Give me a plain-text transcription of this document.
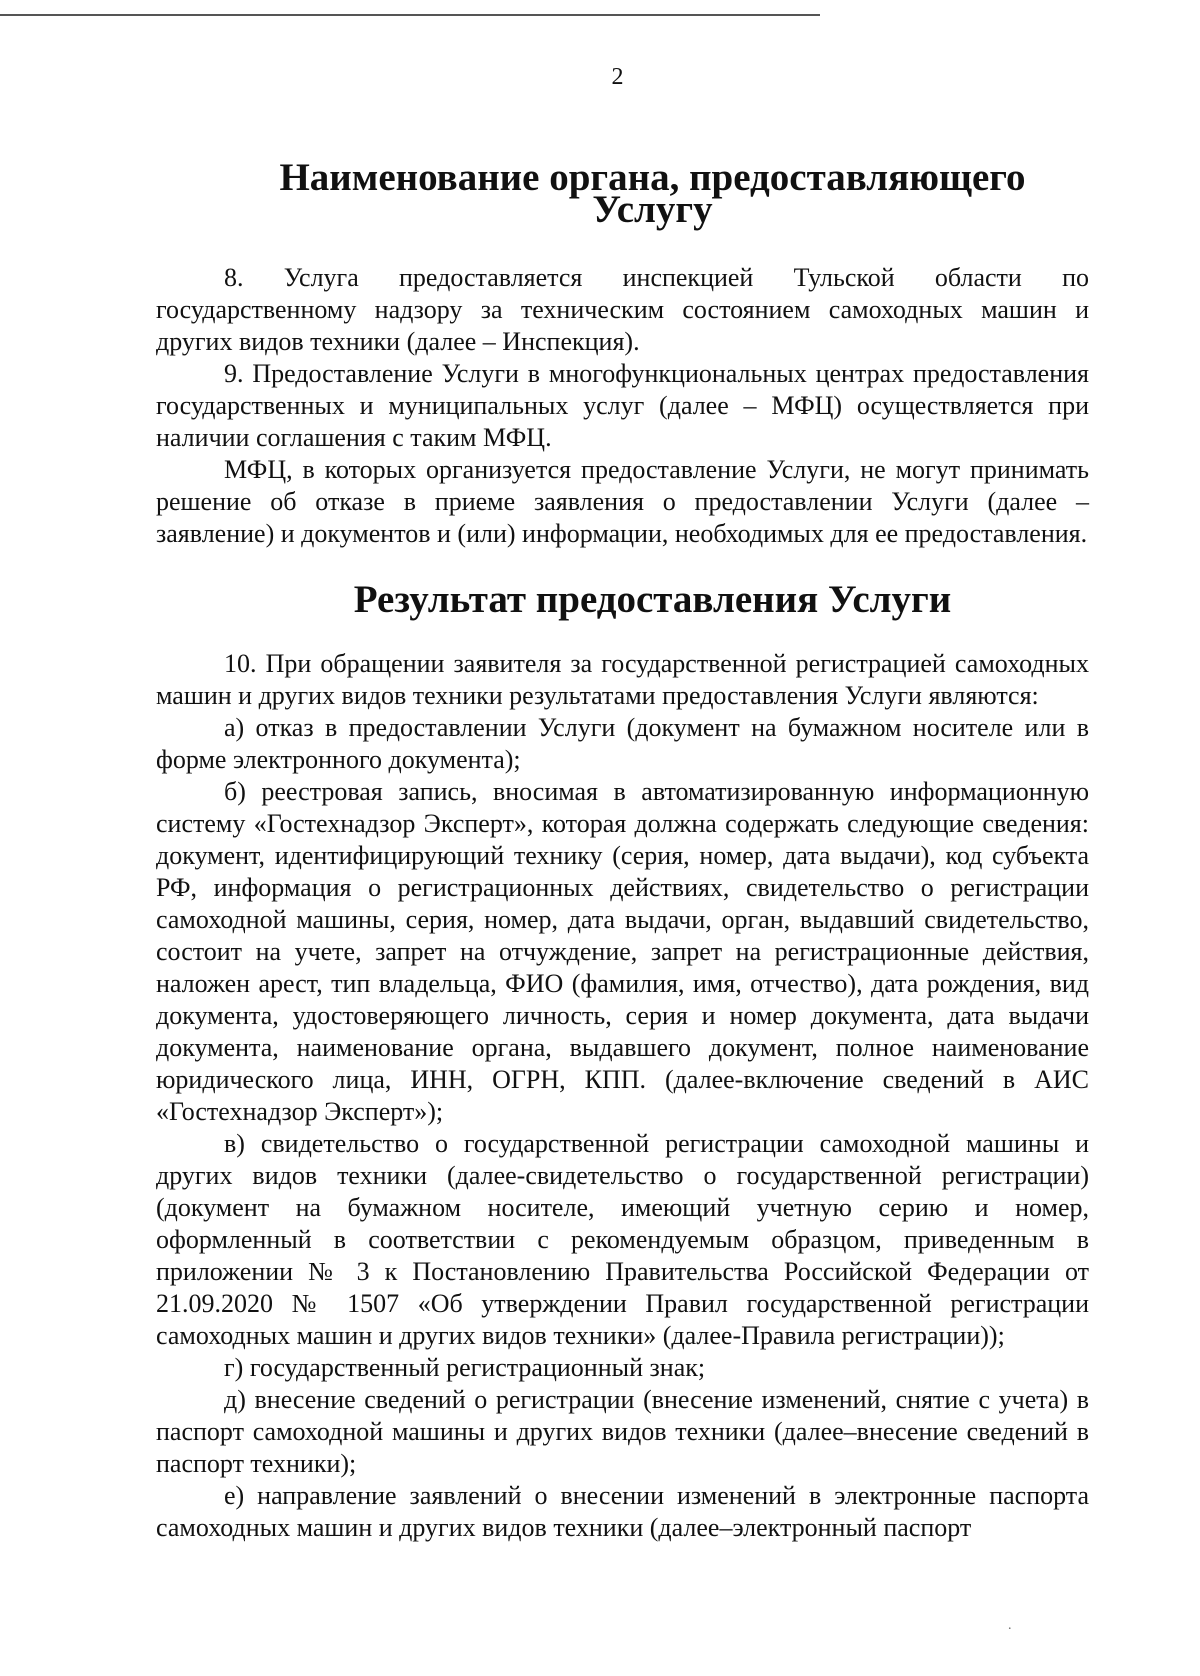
2
Наименование органа, предоставляющего Услугу

8. Услуга предоставляется инспекцией Тульской области по государственному надзору за техническим состоянием самоходных машин и других видов техники (далее – Инспекция).

9. Предоставление Услуги в многофункциональных центрах предоставления государственных и муниципальных услуг (далее – МФЦ) осуществляется при наличии соглашения с таким МФЦ.

МФЦ, в которых организуется предоставление Услуги, не могут принимать решение об отказе в приеме заявления о предоставлении Услуги (далее – заявление) и документов и (или) информации, необходимых для ее предоставления.

Результат предоставления Услуги

10. При обращении заявителя за государственной регистрацией самоходных машин и других видов техники результатами предоставления Услуги являются:

а) отказ в предоставлении Услуги (документ на бумажном носителе или в форме электронного документа);

б) реестровая запись, вносимая в автоматизированную информационную систему «Гостехнадзор Эксперт», которая должна содержать следующие сведения: документ, идентифицирующий технику (серия, номер, дата выдачи), код субъекта РФ, информация о регистрационных действиях, свидетельство о регистрации самоходной машины, серия, номер, дата выдачи, орган, выдавший свидетельство, состоит на учете, запрет на отчуждение, запрет на регистрационные действия, наложен арест, тип владельца, ФИО (фамилия, имя, отчество), дата рождения, вид документа, удостоверяющего личность, серия и номер документа, дата выдачи документа, наименование органа, выдавшего документ, полное наименование юридического лица, ИНН, ОГРН, КПП. (далее-включение сведений в АИС «Гостехнадзор Эксперт»);

в) свидетельство о государственной регистрации самоходной машины и других видов техники (далее-свидетельство о государственной регистрации) (документ на бумажном носителе, имеющий учетную серию и номер, оформленный в соответствии с рекомендуемым образцом, приведенным в приложении № 3 к Постановлению Правительства Российской Федерации от 21.09.2020 № 1507 «Об утверждении Правил государственной регистрации самоходных машин и других видов техники» (далее-Правила регистрации));

г) государственный регистрационный знак;

д) внесение сведений о регистрации (внесение изменений, снятие с учета) в паспорт самоходной машины и других видов техники (далее–внесение сведений в паспорт техники);

е) направление заявлений о внесении изменений в электронные паспорта самоходных машин и других видов техники (далее–электронный паспорт

.
